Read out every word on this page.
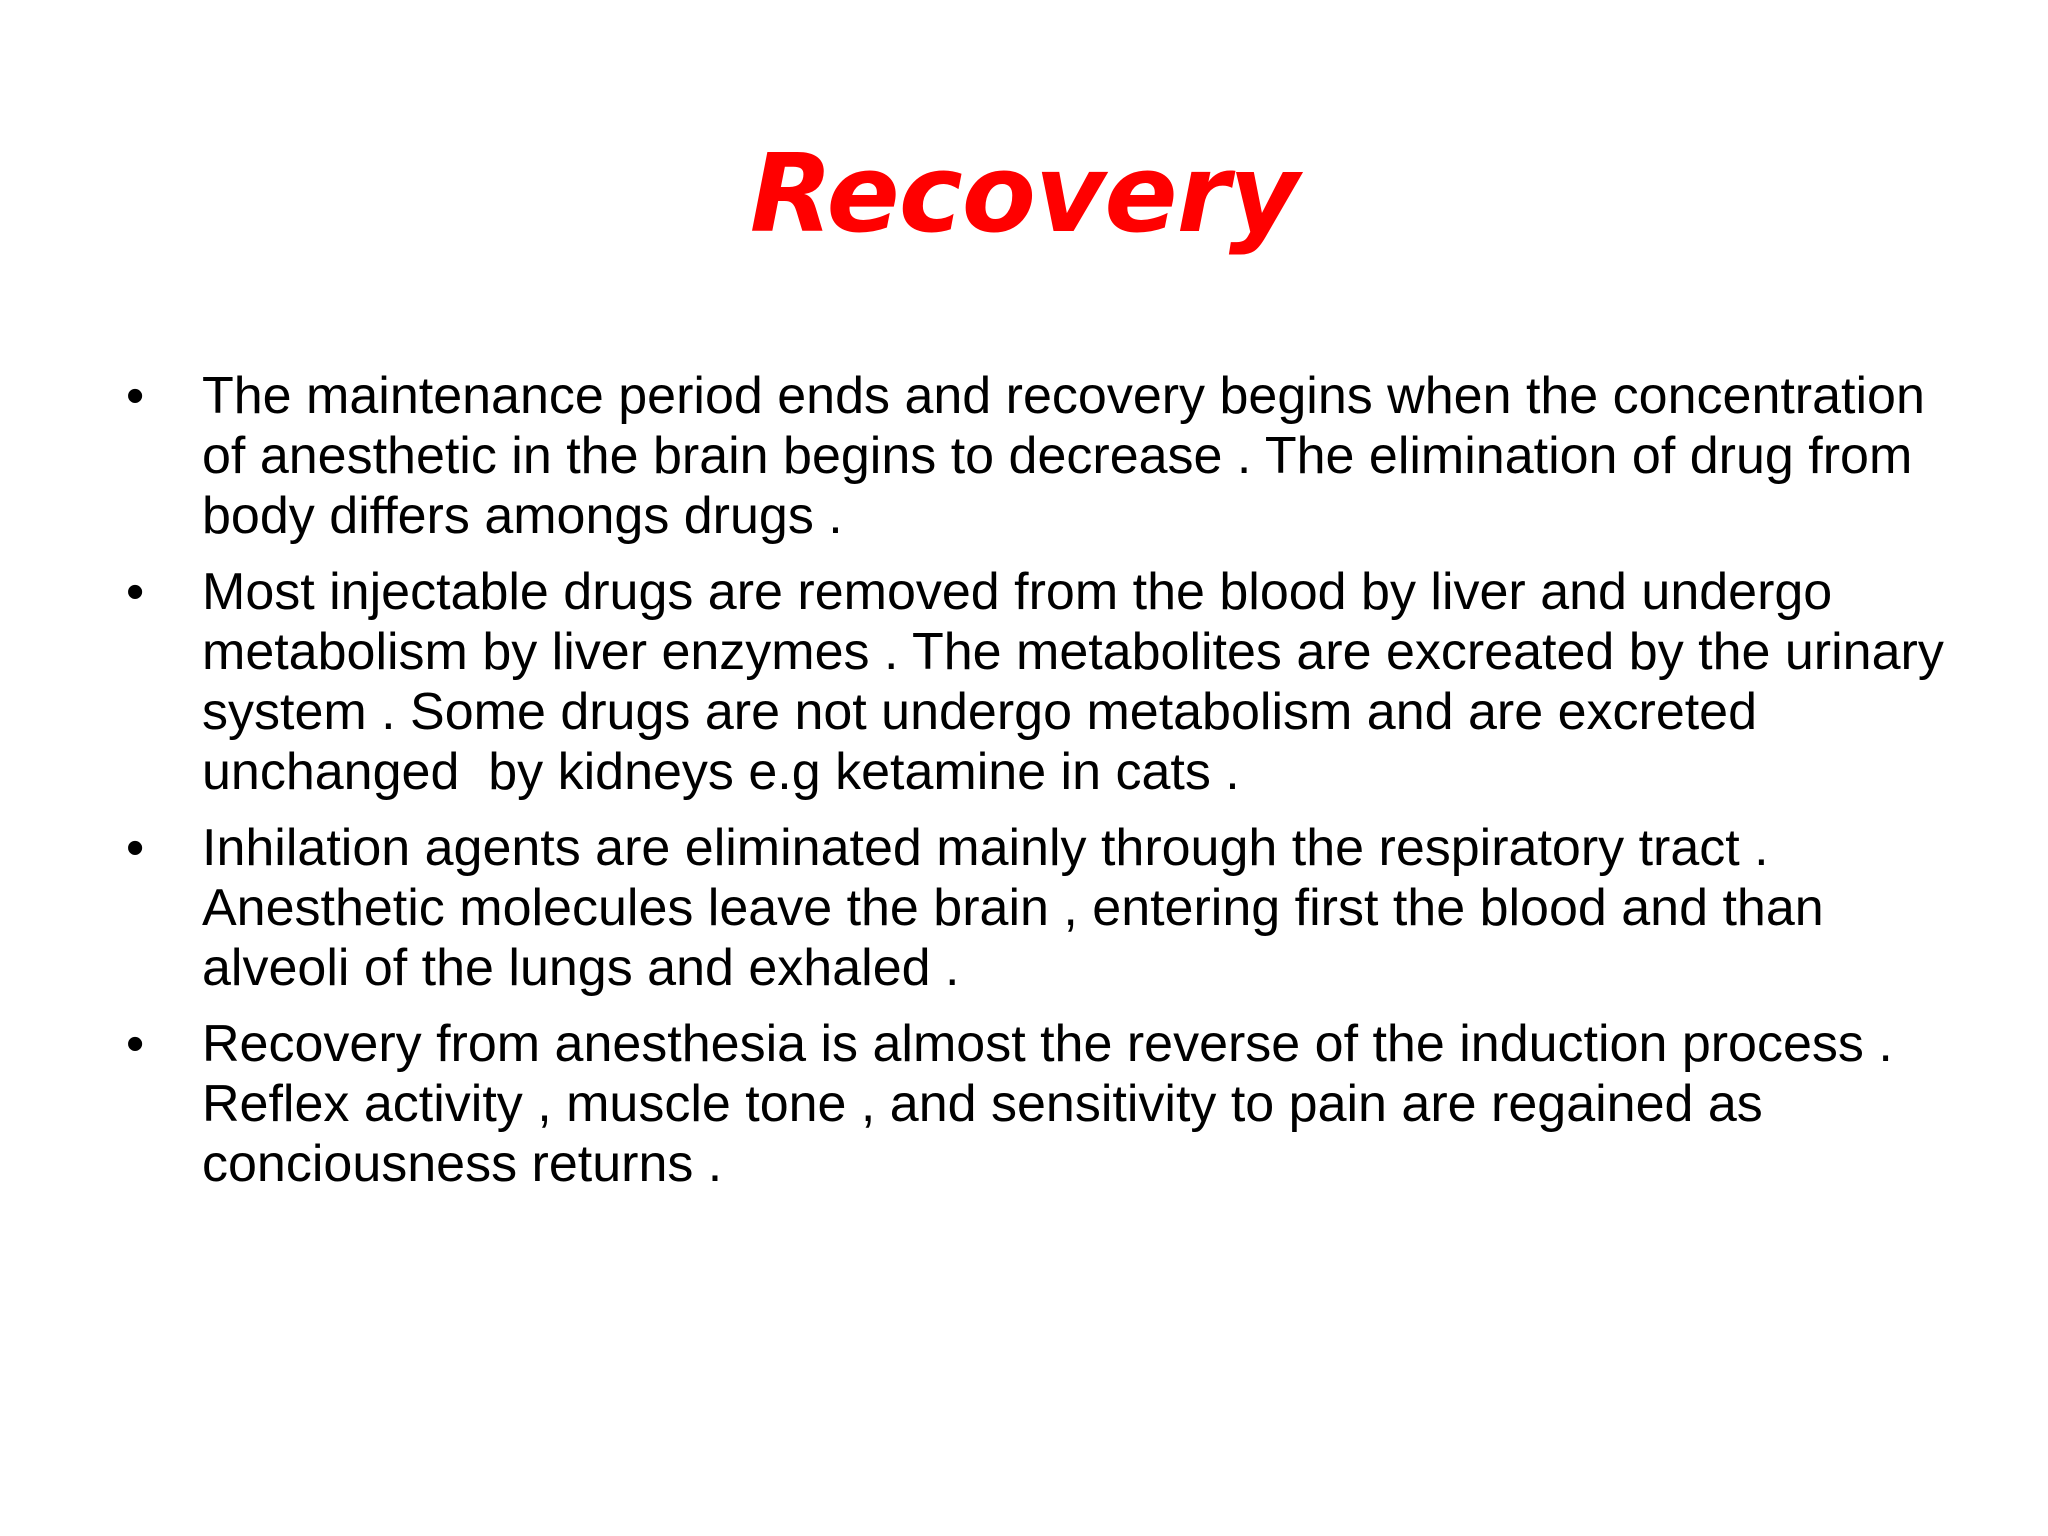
Recovery
• The maintenance period ends and recovery begins when the concentration of anesthetic in the brain begins to decrease . The elimination of drug from body differs amongs drugs .
• Most injectable drugs are removed from the blood by liver and undergo metabolism by liver enzymes . The metabolites are excreated by the urinary system . Some drugs are not undergo metabolism and are excreted unchanged  by kidneys e.g ketamine in cats .
• Inhilation agents are eliminated mainly through the respiratory tract . Anesthetic molecules leave the brain , entering first the blood and than alveoli of the lungs and exhaled .
• Recovery from anesthesia is almost the reverse of the induction process . Reflex activity , muscle tone , and sensitivity to pain are regained as conciousness returns .
